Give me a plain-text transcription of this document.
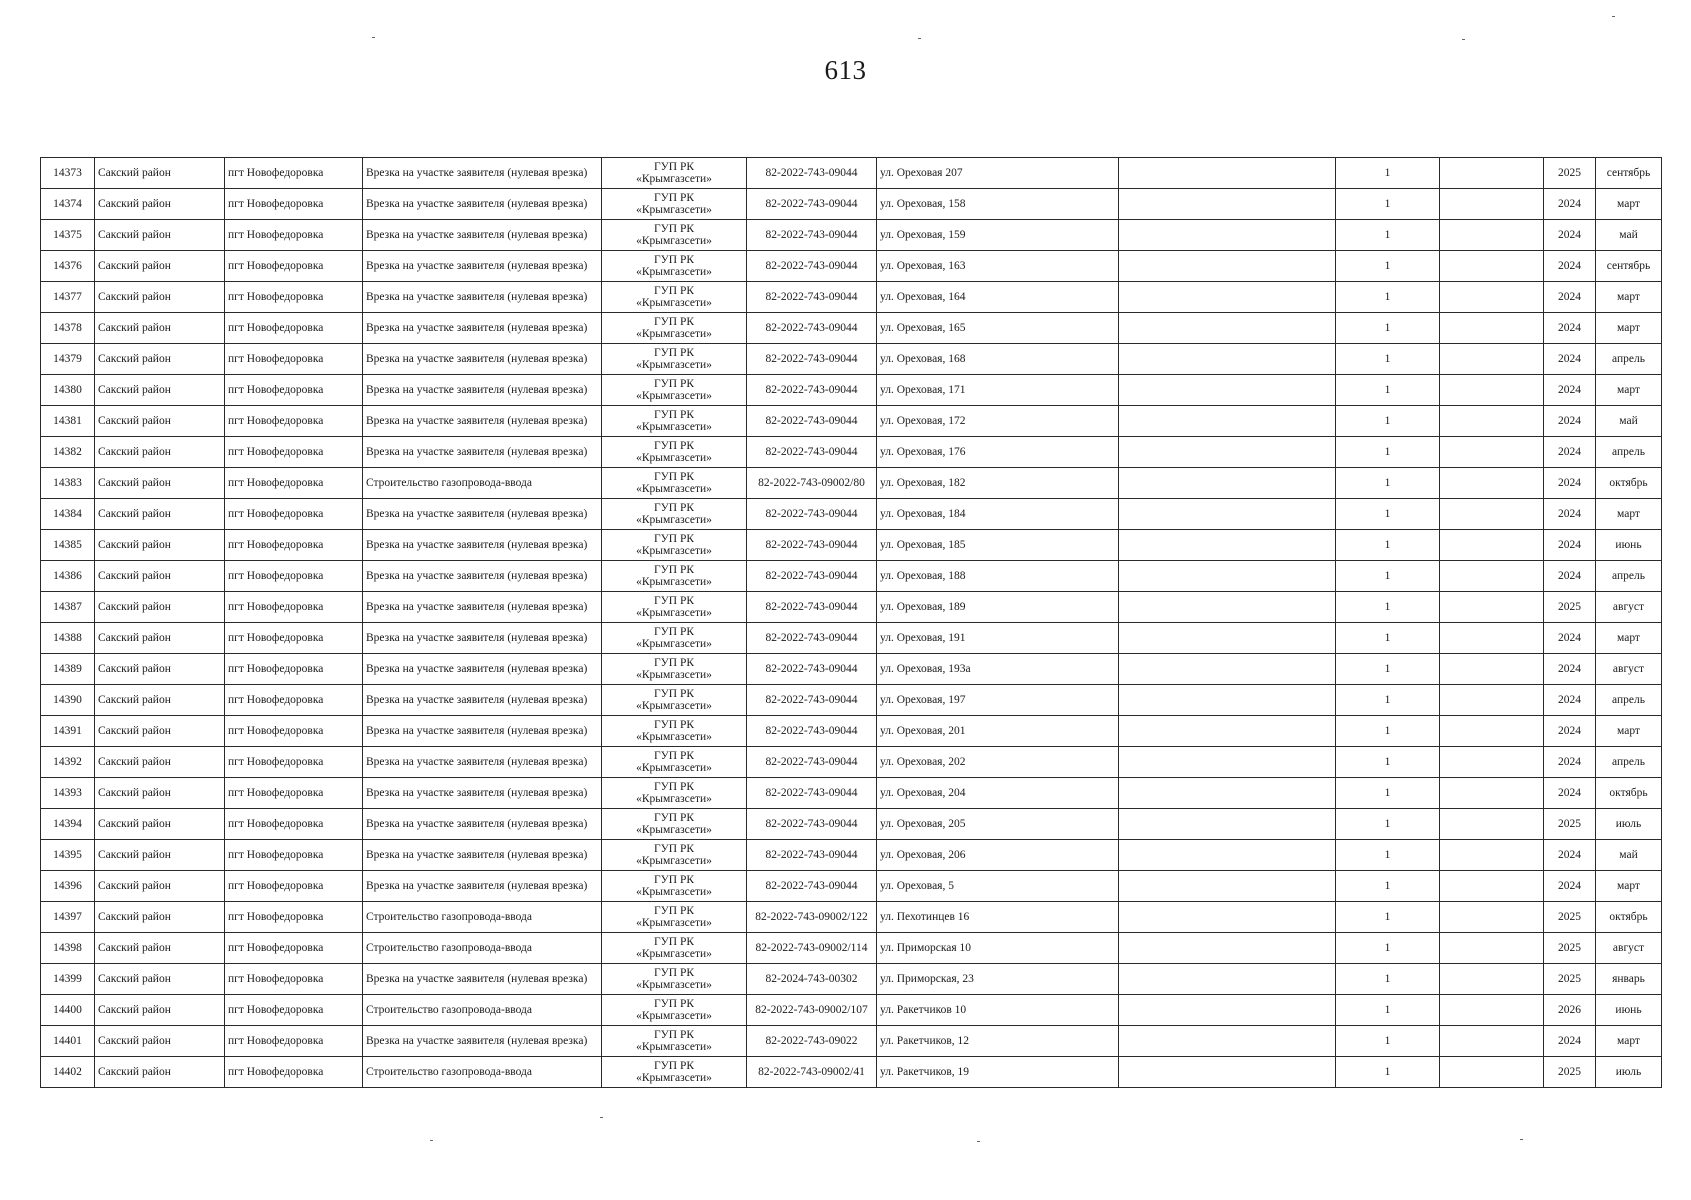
613
14373	Сакский район	пгт Новофедоровка	Врезка на участке заявителя (нулевая врезка)	ГУП РК
«Крымгазсети»	82-2022-743-09044	ул. Ореховая 207		1		2025	сентябрь
14374	Сакский район	пгт Новофедоровка	Врезка на участке заявителя (нулевая врезка)	ГУП РК
«Крымгазсети»	82-2022-743-09044	ул. Ореховая, 158		1		2024	март
14375	Сакский район	пгт Новофедоровка	Врезка на участке заявителя (нулевая врезка)	ГУП РК
«Крымгазсети»	82-2022-743-09044	ул. Ореховая, 159		1		2024	май
14376	Сакский район	пгт Новофедоровка	Врезка на участке заявителя (нулевая врезка)	ГУП РК
«Крымгазсети»	82-2022-743-09044	ул. Ореховая, 163		1		2024	сентябрь
14377	Сакский район	пгт Новофедоровка	Врезка на участке заявителя (нулевая врезка)	ГУП РК
«Крымгазсети»	82-2022-743-09044	ул. Ореховая, 164		1		2024	март
14378	Сакский район	пгт Новофедоровка	Врезка на участке заявителя (нулевая врезка)	ГУП РК
«Крымгазсети»	82-2022-743-09044	ул. Ореховая, 165		1		2024	март
14379	Сакский район	пгт Новофедоровка	Врезка на участке заявителя (нулевая врезка)	ГУП РК
«Крымгазсети»	82-2022-743-09044	ул. Ореховая, 168		1		2024	апрель
14380	Сакский район	пгт Новофедоровка	Врезка на участке заявителя (нулевая врезка)	ГУП РК
«Крымгазсети»	82-2022-743-09044	ул. Ореховая, 171		1		2024	март
14381	Сакский район	пгт Новофедоровка	Врезка на участке заявителя (нулевая врезка)	ГУП РК
«Крымгазсети»	82-2022-743-09044	ул. Ореховая, 172		1		2024	май
14382	Сакский район	пгт Новофедоровка	Врезка на участке заявителя (нулевая врезка)	ГУП РК
«Крымгазсети»	82-2022-743-09044	ул. Ореховая, 176		1		2024	апрель
14383	Сакский район	пгт Новофедоровка	Строительство газопровода-ввода	ГУП РК
«Крымгазсети»	82-2022-743-09002/80	ул. Ореховая, 182		1		2024	октябрь
14384	Сакский район	пгт Новофедоровка	Врезка на участке заявителя (нулевая врезка)	ГУП РК
«Крымгазсети»	82-2022-743-09044	ул. Ореховая, 184		1		2024	март
14385	Сакский район	пгт Новофедоровка	Врезка на участке заявителя (нулевая врезка)	ГУП РК
«Крымгазсети»	82-2022-743-09044	ул. Ореховая, 185		1		2024	июнь
14386	Сакский район	пгт Новофедоровка	Врезка на участке заявителя (нулевая врезка)	ГУП РК
«Крымгазсети»	82-2022-743-09044	ул. Ореховая, 188		1		2024	апрель
14387	Сакский район	пгт Новофедоровка	Врезка на участке заявителя (нулевая врезка)	ГУП РК
«Крымгазсети»	82-2022-743-09044	ул. Ореховая, 189		1		2025	август
14388	Сакский район	пгт Новофедоровка	Врезка на участке заявителя (нулевая врезка)	ГУП РК
«Крымгазсети»	82-2022-743-09044	ул. Ореховая, 191		1		2024	март
14389	Сакский район	пгт Новофедоровка	Врезка на участке заявителя (нулевая врезка)	ГУП РК
«Крымгазсети»	82-2022-743-09044	ул. Ореховая, 193а		1		2024	август
14390	Сакский район	пгт Новофедоровка	Врезка на участке заявителя (нулевая врезка)	ГУП РК
«Крымгазсети»	82-2022-743-09044	ул. Ореховая, 197		1		2024	апрель
14391	Сакский район	пгт Новофедоровка	Врезка на участке заявителя (нулевая врезка)	ГУП РК
«Крымгазсети»	82-2022-743-09044	ул. Ореховая, 201		1		2024	март
14392	Сакский район	пгт Новофедоровка	Врезка на участке заявителя (нулевая врезка)	ГУП РК
«Крымгазсети»	82-2022-743-09044	ул. Ореховая, 202		1		2024	апрель
14393	Сакский район	пгт Новофедоровка	Врезка на участке заявителя (нулевая врезка)	ГУП РК
«Крымгазсети»	82-2022-743-09044	ул. Ореховая, 204		1		2024	октябрь
14394	Сакский район	пгт Новофедоровка	Врезка на участке заявителя (нулевая врезка)	ГУП РК
«Крымгазсети»	82-2022-743-09044	ул. Ореховая, 205		1		2025	июль
14395	Сакский район	пгт Новофедоровка	Врезка на участке заявителя (нулевая врезка)	ГУП РК
«Крымгазсети»	82-2022-743-09044	ул. Ореховая, 206		1		2024	май
14396	Сакский район	пгт Новофедоровка	Врезка на участке заявителя (нулевая врезка)	ГУП РК
«Крымгазсети»	82-2022-743-09044	ул. Ореховая, 5		1		2024	март
14397	Сакский район	пгт Новофедоровка	Строительство газопровода-ввода	ГУП РК
«Крымгазсети»	82-2022-743-09002/122	ул. Пехотинцев 16		1		2025	октябрь
14398	Сакский район	пгт Новофедоровка	Строительство газопровода-ввода	ГУП РК
«Крымгазсети»	82-2022-743-09002/114	ул. Приморская 10		1		2025	август
14399	Сакский район	пгт Новофедоровка	Врезка на участке заявителя (нулевая врезка)	ГУП РК
«Крымгазсети»	82-2024-743-00302	ул. Приморская, 23		1		2025	январь
14400	Сакский район	пгт Новофедоровка	Строительство газопровода-ввода	ГУП РК
«Крымгазсети»	82-2022-743-09002/107	ул. Ракетчиков 10		1		2026	июнь
14401	Сакский район	пгт Новофедоровка	Врезка на участке заявителя (нулевая врезка)	ГУП РК
«Крымгазсети»	82-2022-743-09022	ул. Ракетчиков, 12		1		2024	март
14402	Сакский район	пгт Новофедоровка	Строительство газопровода-ввода	ГУП РК
«Крымгазсети»	82-2022-743-09002/41	ул. Ракетчиков, 19		1		2025	июль
